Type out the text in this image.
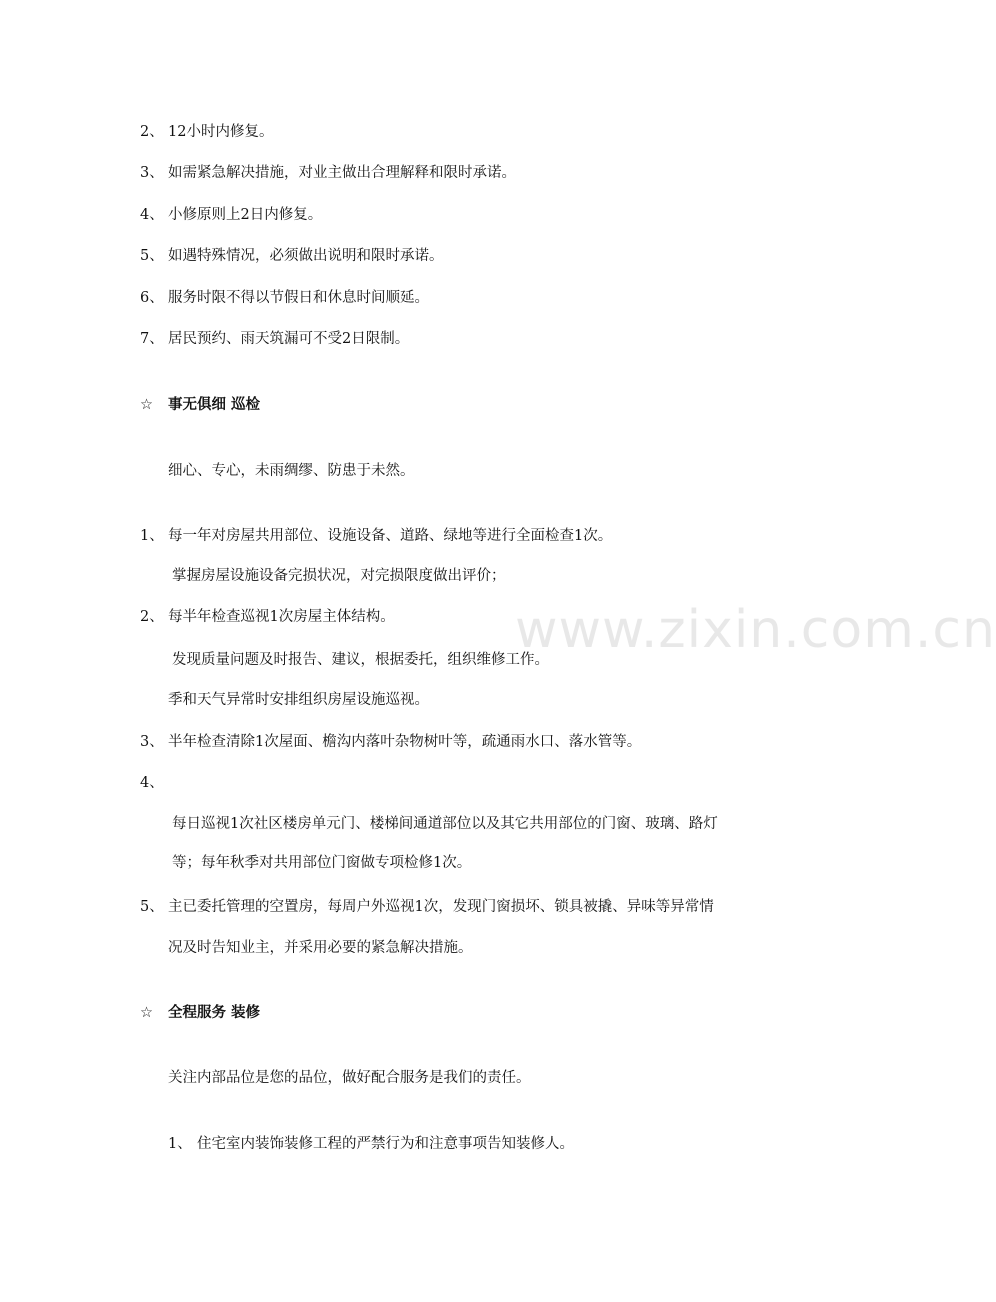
2、 12小时内修复。
3、 如需紧急解决措施，对业主做出合理解释和限时承诺。
4、 小修原则上2日内修复。
5、 如遇特殊情况，必须做出说明和限时承诺。
6、 服务时限不得以节假日和休息时间顺延。
7、 居民预约、雨天筑漏可不受2日限制。
☆ 事无俱细 巡检
细心、专心，未雨绸缪、防患于未然。
1、 每一年对房屋共用部位、设施设备、道路、绿地等进行全面检查1次。
掌握房屋设施设备完损状况，对完损限度做出评价；
2、 每半年检查巡视1次房屋主体结构。
发现质量问题及时报告、建议，根据委托，组织维修工作。
季和天气异常时安排组织房屋设施巡视。
3、 半年检查清除1次屋面、檐沟内落叶杂物树叶等，疏通雨水口、落水管等。
4、
每日巡视1次社区楼房单元门、楼梯间通道部位以及其它共用部位的门窗、玻璃、路灯
等；每年秋季对共用部位门窗做专项检修1次。
5、 主已委托管理的空置房，每周户外巡视1次，发现门窗损坏、锁具被撬、异味等异常情
况及时告知业主，并采用必要的紧急解决措施。
☆ 全程服务 装修
关注内部品位是您的品位，做好配合服务是我们的责任。
1、 住宅室内装饰装修工程的严禁行为和注意事项告知装修人。
www.zixin.com.cn
